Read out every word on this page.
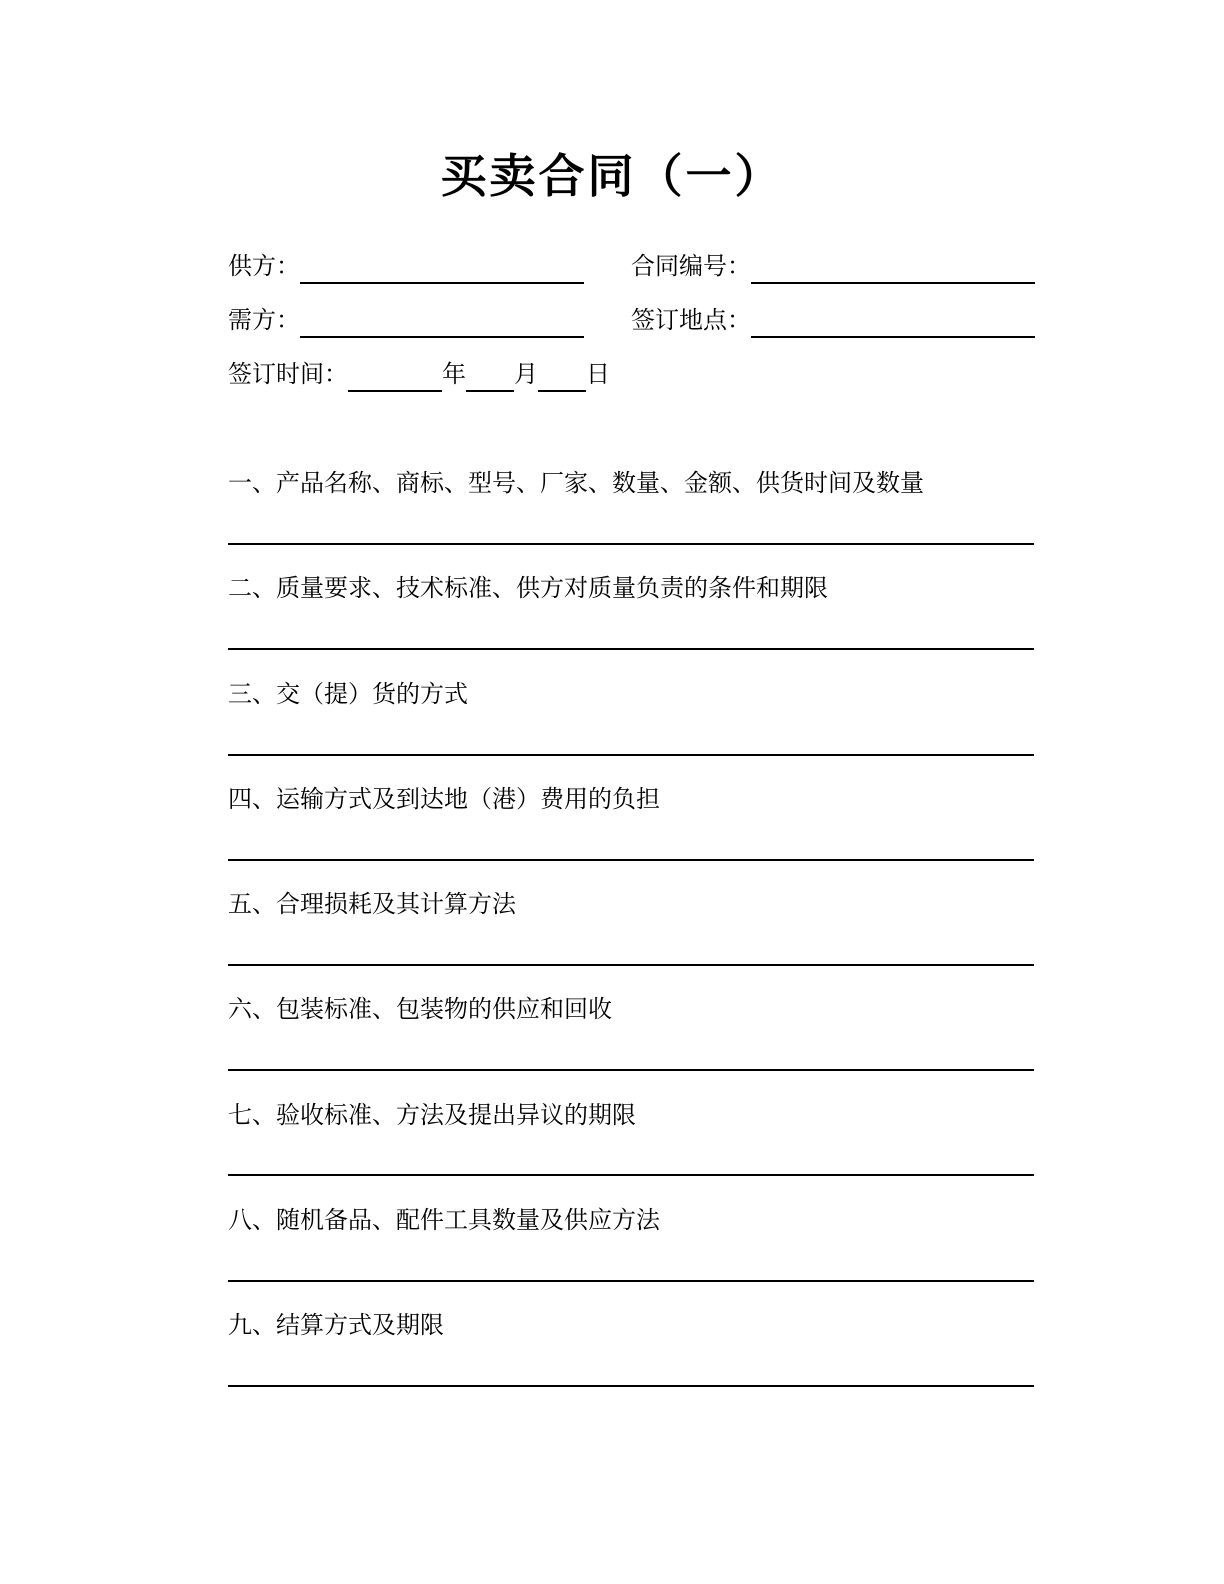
买卖合同（一）
供方：	合同编号：
需方：	签订地点：
签订时间：	年 月 日
一、产品名称、商标、型号、厂家、数量、金额、供货时间及数量
二、质量要求、技术标准、供方对质量负责的条件和期限
三、交（提）货的方式
四、运输方式及到达地（港）费用的负担
五、合理损耗及其计算方法
六、包装标准、包装物的供应和回收
七、验收标准、方法及提出异议的期限
八、随机备品、配件工具数量及供应方法
九、结算方式及期限
